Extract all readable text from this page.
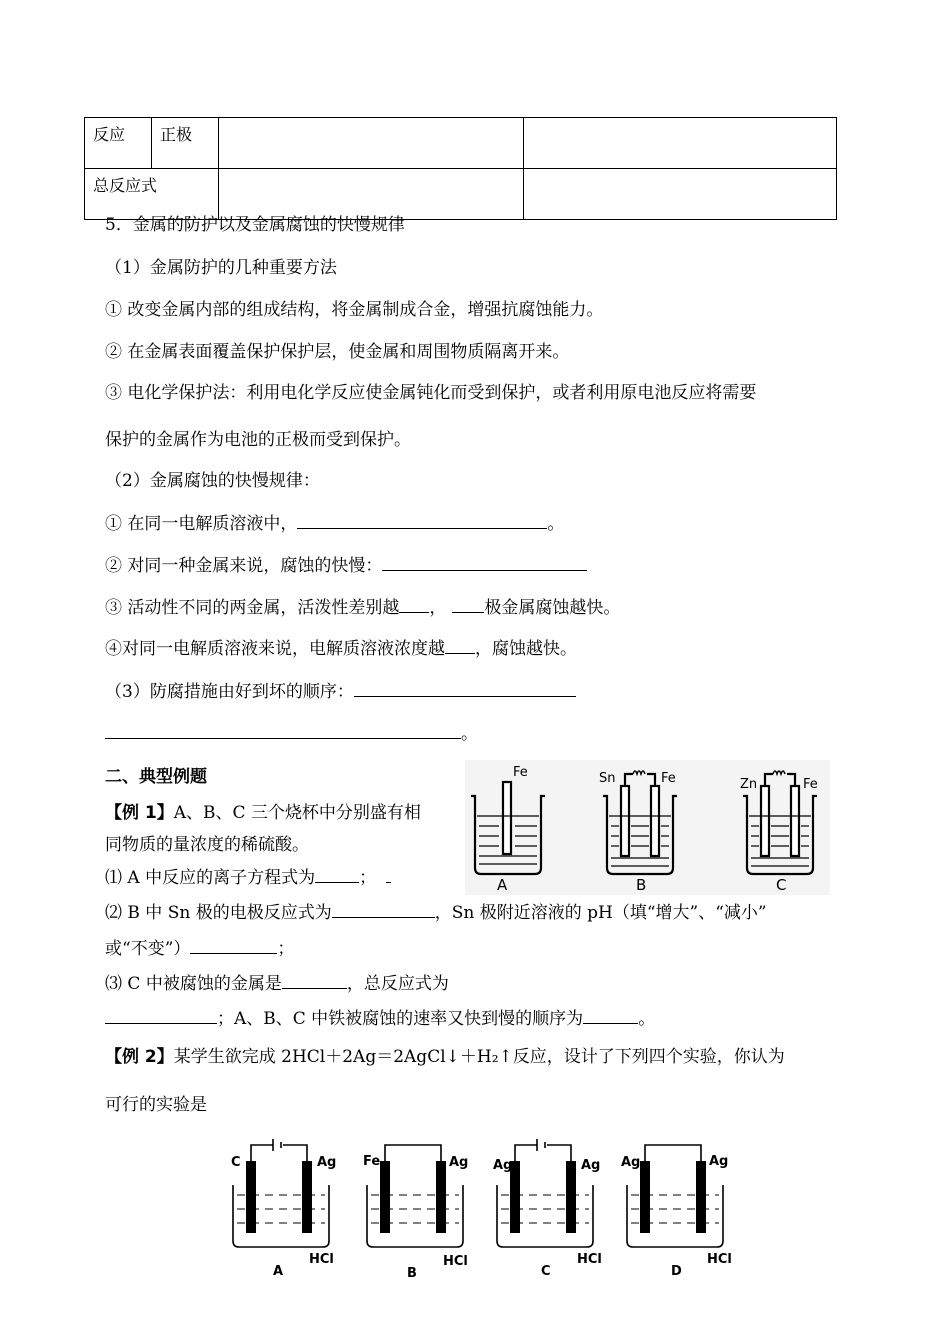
反应	正极		
总反应式			
5．金属的防护以及金属腐蚀的快慢规律
（1）金属防护的几种重要方法
① 改变金属内部的组成结构，将金属制成合金，增强抗腐蚀能力。
② 在金属表面覆盖保护保护层，使金属和周围物质隔离开来。
③ 电化学保护法：利用电化学反应使金属钝化而受到保护，或者利用原电池反应将需要
保护的金属作为电池的正极而受到保护。
（2）金属腐蚀的快慢规律：
① 在同一电解质溶液中，	。
② 对同一种金属来说，腐蚀的快慢：
③ 活动性不同的两金属，活泼性差别越 ， 极金属腐蚀越快。
④对同一电解质溶液来说，电解质溶液浓度越 ，腐蚀越快。
（3）防腐措施由好到坏的顺序：
。
二、典型例题
【例 1】A、B、C 三个烧杯中分别盛有相
同物质的量浓度的稀硫酸。
⑴ A 中反应的离子方程式为	；
⑵ B 中 Sn 极的电极反应式为	，Sn 极附近溶液的 pH（填“增大”、“减小”
或“不变”）	；
⑶ C 中被腐蚀的金属是	，总反应式为
；A、B、C 中铁被腐蚀的速率又快到慢的顺序为	。
【例 2】某学生欲完成 2HCl＋2Ag＝2AgCl↓＋H₂↑反应，设计了下列四个实验，你认为
可行的实验是
Fe	Sn	Fe	Zn	Fe
A	B	C
C	Ag Fe	Ag Ag	Ag Ag	Ag
HCl	HCl	HCl	HCl
A	B	C	D
